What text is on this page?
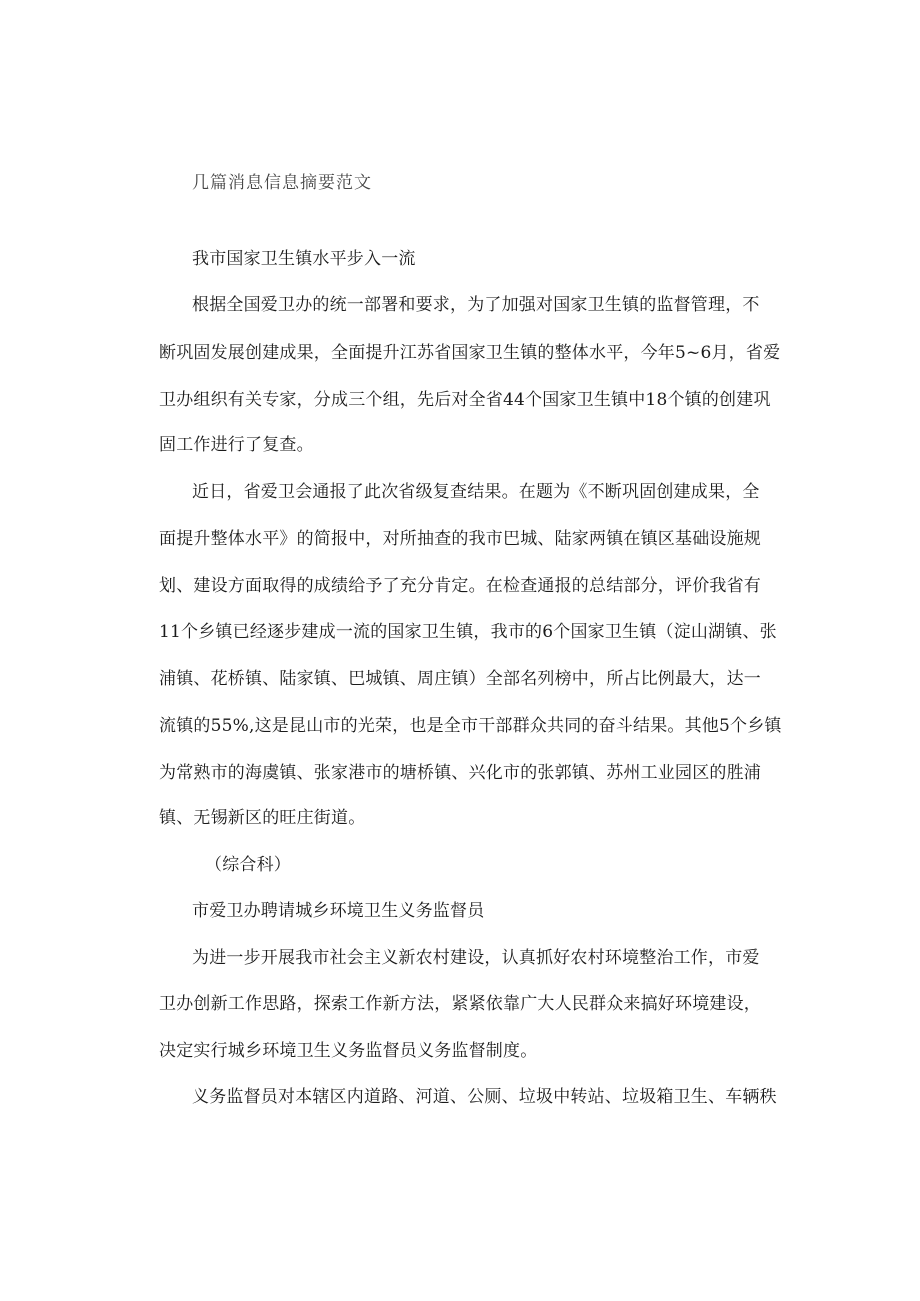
几篇消息信息摘要范文
我市国家卫生镇水平步入一流
根据全国爱卫办的统一部署和要求，为了加强对国家卫生镇的监督管理，不
断巩固发展创建成果，全面提升江苏省国家卫生镇的整体水平，今年5~6月，省爱
卫办组织有关专家，分成三个组，先后对全省44个国家卫生镇中18个镇的创建巩
固工作进行了复查。
近日，省爱卫会通报了此次省级复查结果。在题为《不断巩固创建成果，全
面提升整体水平》的简报中，对所抽查的我市巴城、陆家两镇在镇区基础设施规
划、建设方面取得的成绩给予了充分肯定。在检查通报的总结部分，评价我省有
11个乡镇已经逐步建成一流的国家卫生镇，我市的6个国家卫生镇（淀山湖镇、张
浦镇、花桥镇、陆家镇、巴城镇、周庄镇）全部名列榜中，所占比例最大，达一
流镇的55%,这是昆山市的光荣，也是全市干部群众共同的奋斗结果。其他5个乡镇
为常熟市的海虞镇、张家港市的塘桥镇、兴化市的张郭镇、苏州工业园区的胜浦
镇、无锡新区的旺庄街道。
（综合科）
市爱卫办聘请城乡环境卫生义务监督员
为进一步开展我市社会主义新农村建设，认真抓好农村环境整治工作，市爱
卫办创新工作思路，探索工作新方法，紧紧依靠广大人民群众来搞好环境建设，
决定实行城乡环境卫生义务监督员义务监督制度。
义务监督员对本辖区内道路、河道、公厕、垃圾中转站、垃圾箱卫生、车辆秩
